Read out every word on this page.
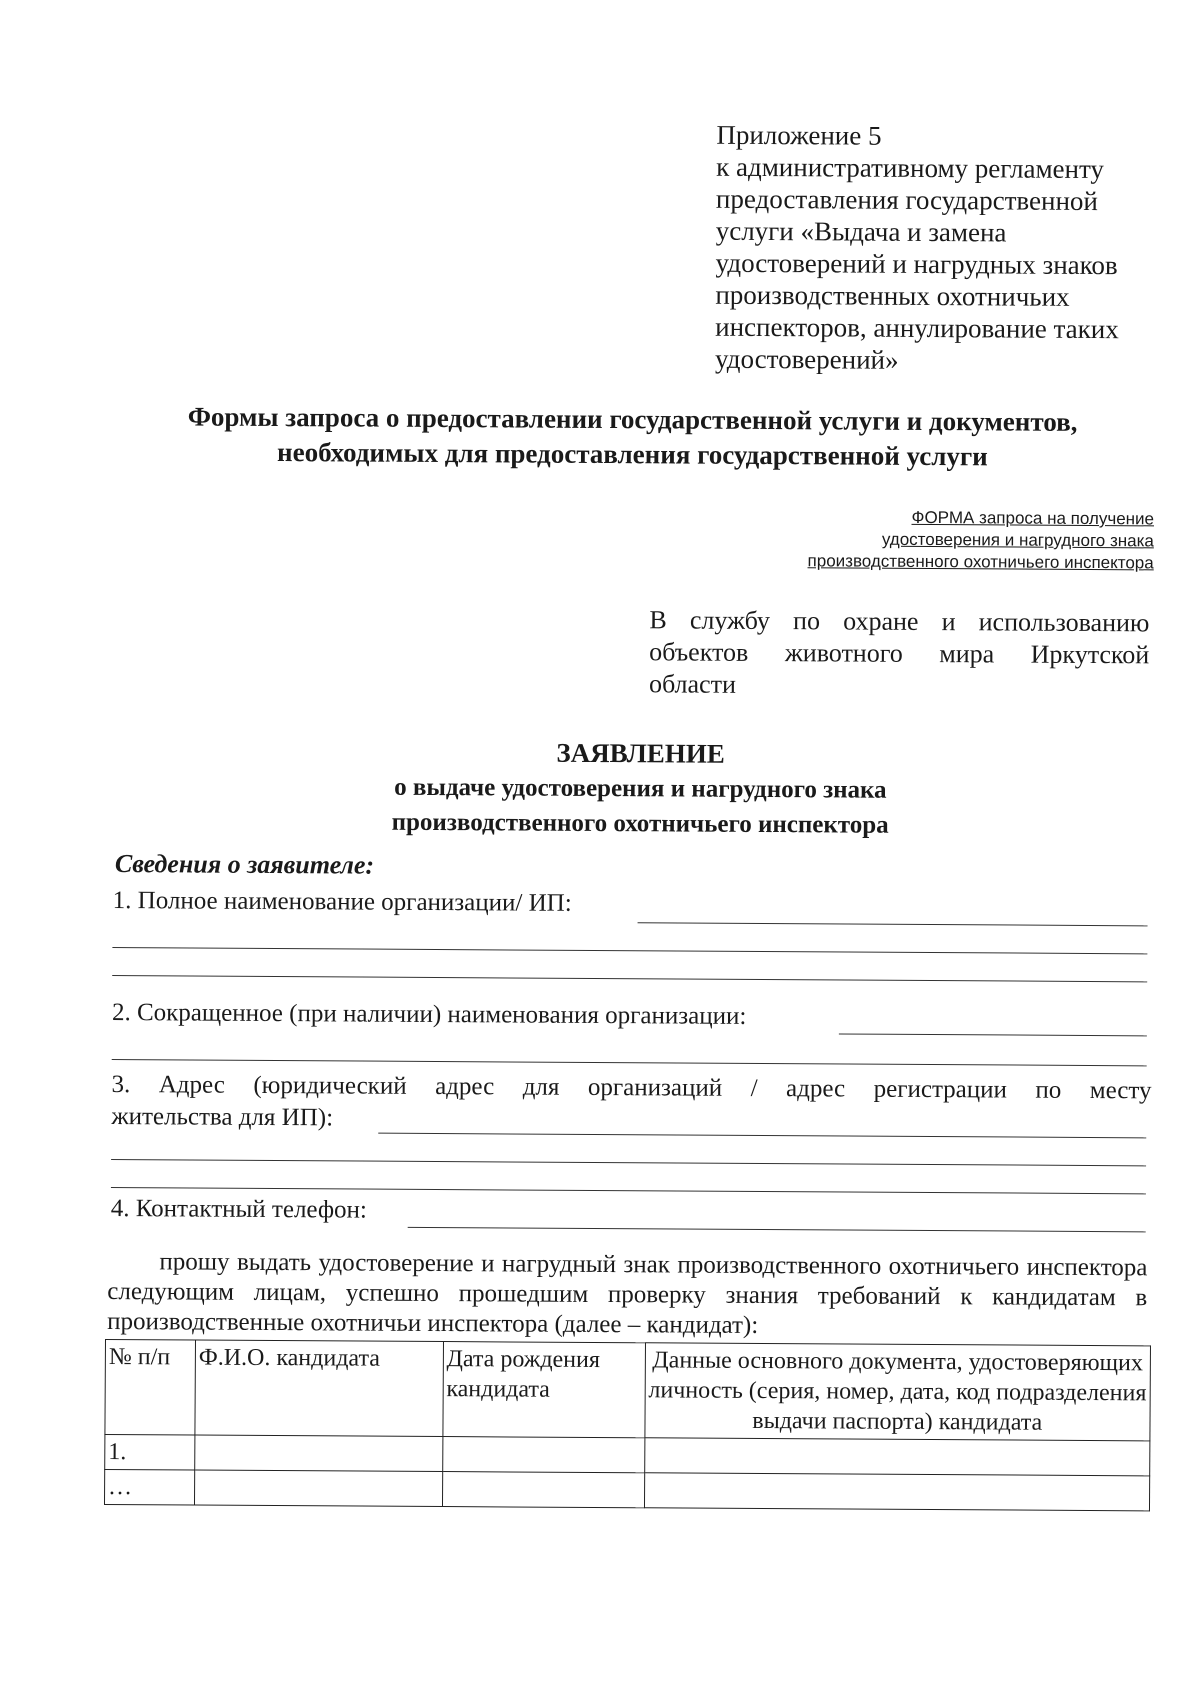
Приложение 5
к административному регламенту
предоставления государственной
услуги «Выдача и замена
удостоверений и нагрудных знаков
производственных охотничьих
инспекторов, аннулирование таких
удостоверений»
Формы запроса о предоставлении государственной услуги и документов,
необходимых для предоставления государственной услуги
ФОРМА запроса на получение
удостоверения и нагрудного знака
производственного охотничьего инспектора
В службу по охране и использованию объектов животного мира Иркутской области
ЗАЯВЛЕНИЕ
о выдаче удостоверения и нагрудного знака
производственного охотничьего инспектора
Сведения о заявителе:
1. Полное наименование организации/ ИП:
2. Сокращенное (при наличии) наименования организации:
3. Адрес (юридический адрес для организаций / адрес регистрации по месту
жительства для ИП):
4. Контактный телефон:
прошу выдать удостоверение и нагрудный знак производственного охотничьего инспектора следующим лицам, успешно прошедшим проверку знания требований к кандидатам в производственные охотничьи инспектора (далее – кандидат):
№ п/п	Ф.И.О. кандидата	Дата рождения кандидата	Данные основного документа, удостоверяющих личность (серия, номер, дата, код подразделения выдачи паспорта) кандидата
1.			
…			
